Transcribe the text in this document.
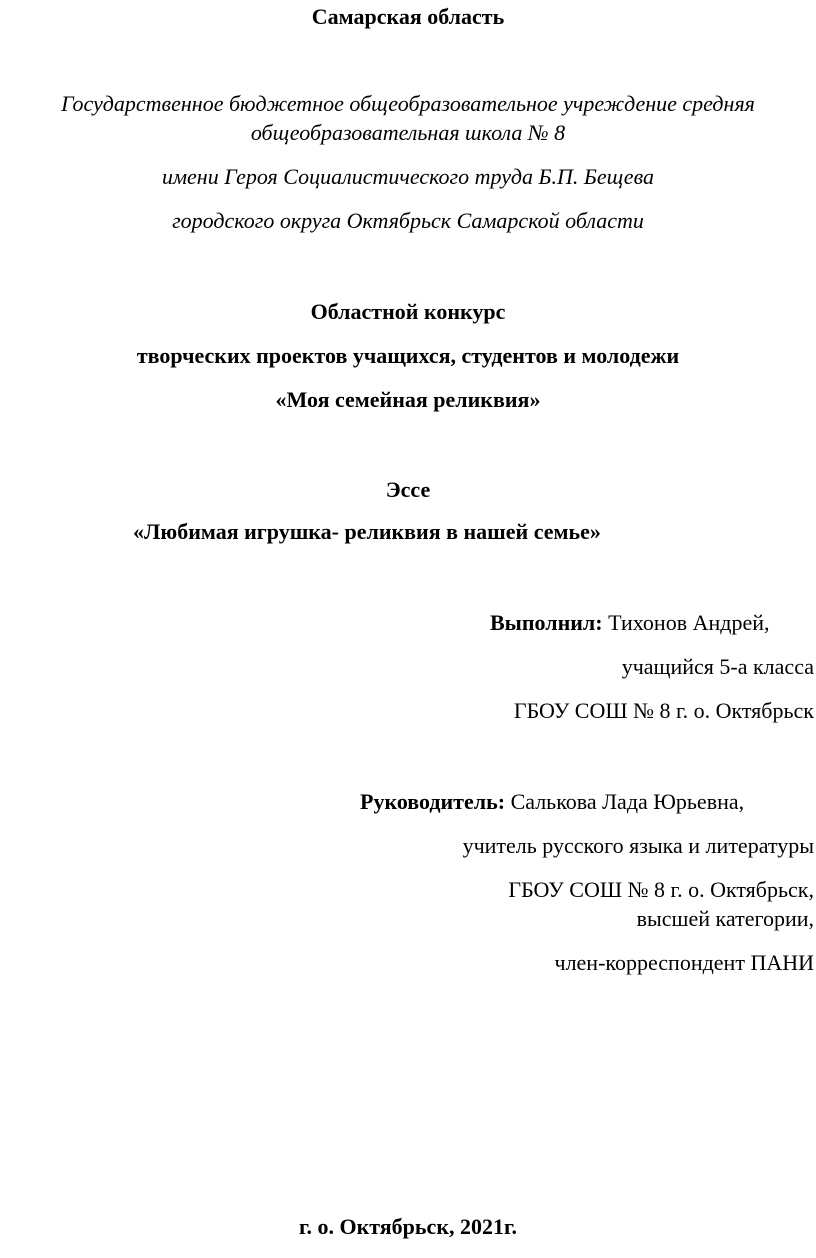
Самарская область
Государственное бюджетное общеобразовательное учреждение средняя
общеобразовательная школа № 8
имени Героя Социалистического труда Б.П. Бещева
городского округа Октябрьск Самарской области
Областной конкурс
творческих проектов учащихся, студентов и молодежи
«Моя семейная реликвия»
Эссе
«Любимая игрушка- реликвия в нашей семье»
Выполнил: Тихонов Андрей,
учащийся 5-а класса
ГБОУ СОШ № 8 г. о. Октябрьск
Руководитель: Салькова Лада Юрьевна,
учитель русского языка и литературы
ГБОУ СОШ № 8 г. о. Октябрьск,
высшей категории,
член-корреспондент ПАНИ
г. о. Октябрьск, 2021г.
